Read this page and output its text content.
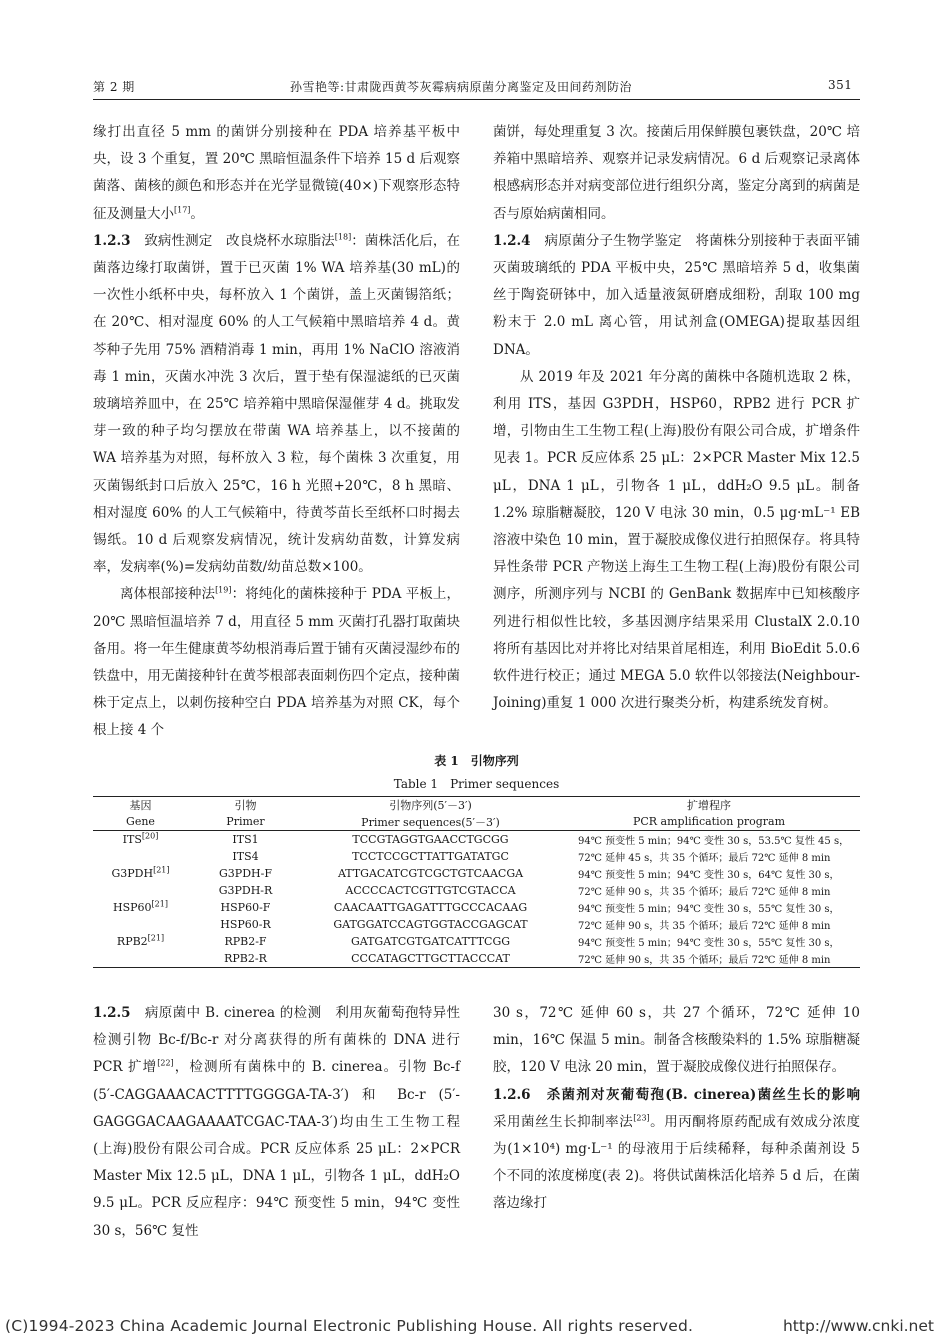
第 2 期	孙雪艳等:甘肃陇西黄芩灰霉病病原菌分离鉴定及田间药剂防治	351

缘打出直径 5 mm 的菌饼分别接种在 PDA 培养基平板中央，设 3 个重复，置 20℃ 黑暗恒温条件下培养 15 d 后观察菌落、菌核的颜色和形态并在光学显微镜(40×)下观察形态特征及测量大小[17]。

1.2.3　 致病性测定　 改良烧杯水琼脂法[18]：菌株活化后，在菌落边缘打取菌饼，置于已灭菌 1% WA 培养基(30 mL)的一次性小纸杯中央，每杯放入 1 个菌饼，盖上灭菌锡箔纸；在 20℃、相对湿度 60% 的人工气候箱中黑暗培养 4 d。黄芩种子先用 75% 酒精消毒 1 min，再用 1% NaClO 溶液消毒 1 min，灭菌水冲洗 3 次后，置于垫有保湿滤纸的已灭菌玻璃培养皿中，在 25℃ 培养箱中黑暗保湿催芽 4 d。挑取发芽一致的种子均匀摆放在带菌 WA 培养基上，以不接菌的 WA 培养基为对照，每杯放入 3 粒，每个菌株 3 次重复，用灭菌锡纸封口后放入 25℃，16 h 光照+20℃，8 h 黑暗、相对湿度 60% 的人工气候箱中，待黄芩苗长至纸杯口时揭去锡纸。10 d 后观察发病情况，统计发病幼苗数，计算发病率，发病率(%)=发病幼苗数/幼苗总数×100。

离体根部接种法[19]：将纯化的菌株接种于 PDA 平板上，20℃ 黑暗恒温培养 7 d，用直径 5 mm 灭菌打孔器打取菌块备用。将一年生健康黄芩幼根消毒后置于铺有灭菌浸湿纱布的铁盘中，用无菌接种针在黄芩根部表面刺伤四个定点，接种菌株于定点上，以刺伤接种空白 PDA 培养基为对照 CK，每个根上接 4 个

菌饼，每处理重复 3 次。接菌后用保鲜膜包裹铁盘，20℃ 培养箱中黑暗培养、观察并记录发病情况。6 d 后观察记录离体根感病形态并对病变部位进行组织分离，鉴定分离到的病菌是否与原始病菌相同。

1.2.4　 病原菌分子生物学鉴定　 将菌株分别接种于表面平铺灭菌玻璃纸的 PDA 平板中央，25℃ 黑暗培养 5 d，收集菌丝于陶瓷研钵中，加入适量液氮研磨成细粉，刮取 100 mg 粉末于 2.0 mL 离心管，用试剂盒(OMEGA)提取基因组 DNA。

从 2019 年及 2021 年分离的菌株中各随机选取 2 株，利用 ITS，基因 G3PDH，HSP60，RPB2 进行 PCR 扩增，引物由生工生物工程(上海)股份有限公司合成，扩增条件见表 1。PCR 反应体系 25 μL：2×PCR Master Mix 12.5 μL，DNA 1 μL，引物各 1 μL，ddH₂O 9.5 μL。制备 1.2% 琼脂糖凝胶，120 V 电泳 30 min，0.5 μg·mL⁻¹ EB 溶液中染色 10 min，置于凝胶成像仪进行拍照保存。将具特异性条带 PCR 产物送上海生工生物工程(上海)股份有限公司测序，所测序列与 NCBI 的 GenBank 数据库中已知核酸序列进行相似性比较，多基因测序结果采用 ClustalX 2.0.10 将所有基因比对并将比对结果首尾相连，利用 BioEdit 5.0.6 软件进行校正；通过 MEGA 5.0 软件以邻接法(Neighbour-Joining)重复 1 000 次进行聚类分析，构建系统发育树。

表 1　引物序列
Table 1　Primer sequences
基因	引物	引物序列(5′－3′)	扩增程序
Gene	Primer	Primer sequences(5′－3′)	PCR amplification program
ITS[20]	ITS1	TCCGTAGGTGAACCTGCGG	94℃ 预变性 5 min；94℃ 变性 30 s，53.5℃ 复性 45 s，
	ITS4	TCCTCCGCTTATTGATATGC	72℃ 延伸 45 s，共 35 个循环；最后 72℃ 延伸 8 min
G3PDH[21]	G3PDH-F	ATTGACATCGTCGCTGTCAACGA	94℃ 预变性 5 min；94℃ 变性 30 s，64℃ 复性 30 s，
	G3PDH-R	ACCCCACTCGTTGTCGTACCA	72℃ 延伸 90 s，共 35 个循环；最后 72℃ 延伸 8 min
HSP60[21]	HSP60-F	CAACAATTGAGATTTGCCCACAAG	94℃ 预变性 5 min；94℃ 变性 30 s，55℃ 复性 30 s，
	HSP60-R	GATGGATCCAGTGGTACCGAGCAT	72℃ 延伸 90 s，共 35 个循环；最后 72℃ 延伸 8 min
RPB2[21]	RPB2-F	GATGATCGTGATCATTTCGG	94℃ 预变性 5 min；94℃ 变性 30 s，55℃ 复性 30 s，
	RPB2-R	CCCATAGCTTGCTTACCCAT	72℃ 延伸 90 s，共 35 个循环；最后 72℃ 延伸 8 min

1.2.5　 病原菌中 B. cinerea 的检测　 利用灰葡萄孢特异性检测引物 Bc-f/Bc-r 对分离获得的所有菌株的 DNA 进行 PCR 扩增[22]，检测所有菌株中的 B. cinerea。引物 Bc-f (5′-CAGGAAACACTTTTGGGGA-TA-3′) 和 Bc-r (5′-GAGGGACAAGAAAATCGAC-TAA-3′)均由生工生物工程(上海)股份有限公司合成。PCR 反应体系 25 μL：2×PCR Master Mix 12.5 μL，DNA 1 μL，引物各 1 μL，ddH₂O 9.5 μL。PCR 反应程序：94℃ 预变性 5 min，94℃ 变性 30 s，56℃ 复性

30 s，72℃ 延伸 60 s，共 27 个循环，72℃ 延伸 10 min，16℃ 保温 5 min。制备含核酸染料的 1.5% 琼脂糖凝胶，120 V 电泳 20 min，置于凝胶成像仪进行拍照保存。

1.2.6　 杀菌剂对灰葡萄孢(B. cinerea)菌丝生长的影响　采用菌丝生长抑制率法[23]。用丙酮将原药配成有效成分浓度为(1×10⁴) mg·L⁻¹ 的母液用于后续稀释，每种杀菌剂设 5 个不同的浓度梯度(表 2)。将供试菌株活化培养 5 d 后，在菌落边缘打

(C)1994-2023 China Academic Journal Electronic Publishing House. All rights reserved.	http://www.cnki.net
